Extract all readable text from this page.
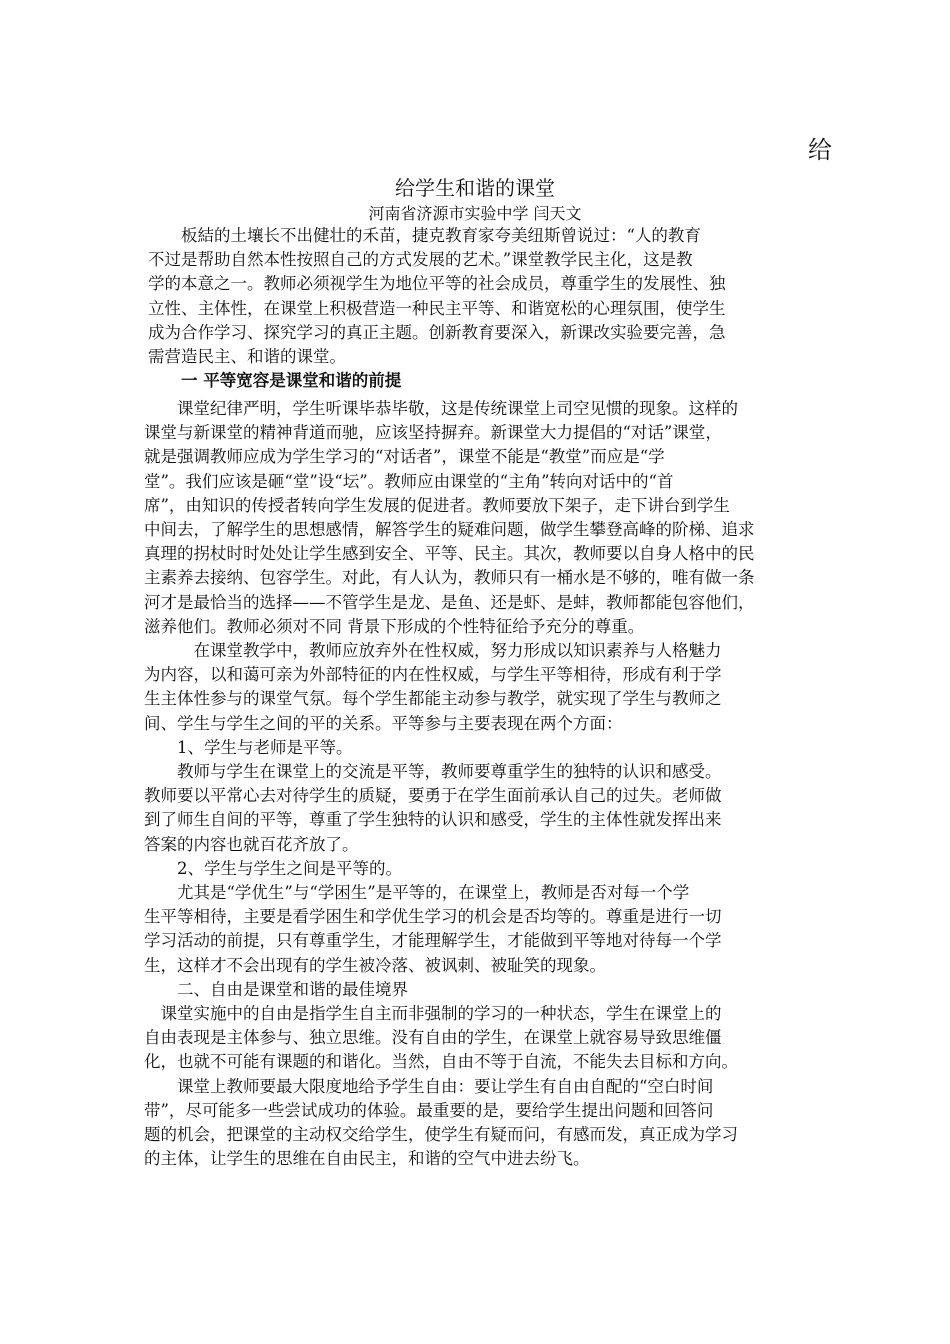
给
给学生和谐的课堂
河南省济源市实验中学 闫天文
　　板結的土壤长不出健壮的禾苗，捷克教育家夸美纽斯曾说过：“人的教育
不过是帮助自然本性按照自己的方式发展的艺术。”课堂教学民主化，这是教
学的本意之一。教师必须视学生为地位平等的社会成员，尊重学生的发展性、独
立性、主体性，在课堂上积极营造一种民主平等、和谐宽松的心理氛围，使学生
成为合作学习、探究学习的真正主题。创新教育要深入，新课改实验要完善，急
需营造民主、和谐的课堂。
　　一 平等宽容是课堂和谐的前提
　　课堂纪律严明，学生听课毕恭毕敬，这是传统课堂上司空见惯的现象。这样的
课堂与新课堂的精神背道而驰，应该坚持摒弃。新课堂大力提倡的“对话”课堂，
就是强调教师应成为学生学习的“对话者”，课堂不能是“教堂”而应是“学
堂”。我们应该是砸“堂”设“坛”。教师应由课堂的“主角”转向对话中的“首
席”，由知识的传授者转向学生发展的促进者。教师要放下架子，走下讲台到学生
中间去，了解学生的思想感情，解答学生的疑难问题，做学生攀登高峰的阶梯、追求
真理的拐杖时时处处让学生感到安全、平等、民主。其次，教师要以自身人格中的民
主素养去接纳、包容学生。对此，有人认为，教师只有一桶水是不够的，唯有做一条
河才是最恰当的选择——不管学生是龙、是鱼、还是虾、是蚌，教师都能包容他们，
滋养他们。教师必须对不同 背景下形成的个性特征给予充分的尊重。
　　　在课堂教学中，教师应放弃外在性权威，努力形成以知识素养与人格魅力
为内容，以和蔼可亲为外部特征的内在性权威，与学生平等相待，形成有利于学
生主体性参与的课堂气氛。每个学生都能主动参与教学，就实现了学生与教师之
间、学生与学生之间的平的关系。平等参与主要表现在两个方面：
　　1、学生与老师是平等。
　　教师与学生在课堂上的交流是平等，教师要尊重学生的独特的认识和感受。
教师要以平常心去对待学生的质疑，要勇于在学生面前承认自己的过失。老师做
到了师生自间的平等，尊重了学生独特的认识和感受，学生的主体性就发挥出来
答案的内容也就百花齐放了。
　　2、学生与学生之间是平等的。
　　尤其是“学优生”与“学困生”是平等的，在课堂上，教师是否对每一个学
生平等相待，主要是看学困生和学优生学习的机会是否均等的。尊重是进行一切
学习活动的前提，只有尊重学生，才能理解学生，才能做到平等地对待每一个学
生，这样才不会出现有的学生被冷落、被讽刺、被耻笑的现象。
　　二、自由是课堂和谐的最佳境界
　课堂实施中的自由是指学生自主而非强制的学习的一种状态，学生在课堂上的
自由表现是主体参与、独立思维。没有自由的学生，在课堂上就容易导致思维僵
化，也就不可能有课题的和谐化。当然，自由不等于自流，不能失去目标和方向。
　　课堂上教师要最大限度地给予学生自由：要让学生有自由自配的“空白时间
带”，尽可能多一些尝试成功的体验。最重要的是，要给学生提出问题和回答问
题的机会，把课堂的主动权交给学生，使学生有疑而问，有感而发，真正成为学习
的主体，让学生的思维在自由民主，和谐的空气中进去纷飞。
